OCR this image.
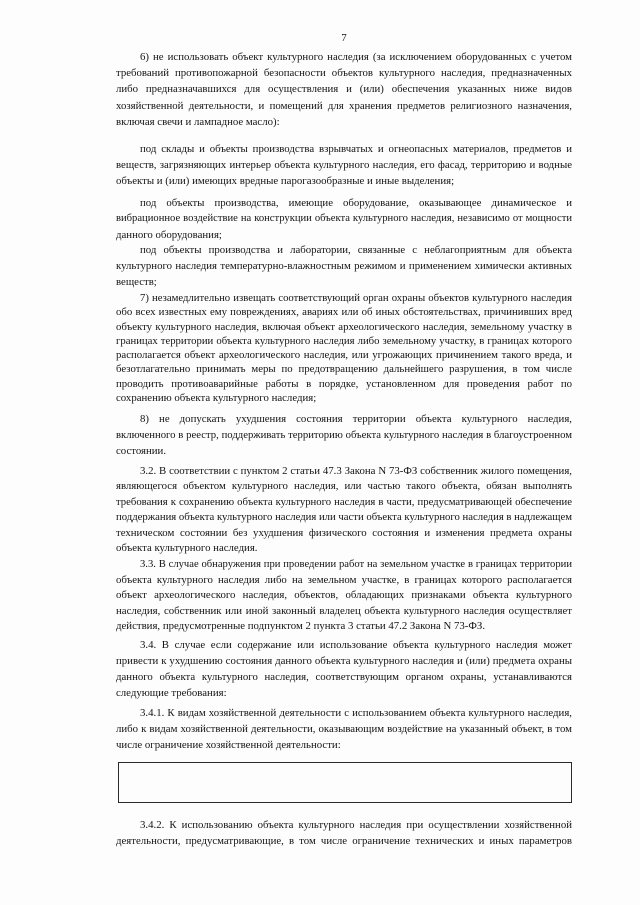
7
6) не использовать объект культурного наследия (за исключением оборудованных с учетом
требований противопожарной безопасности объектов культурного наследия, предназначенных
либо предназначавшихся для осуществления и (или) обеспечения указанных ниже видов
хозяйственной деятельности, и помещений для хранения предметов религиозного назначения,
включая свечи и лампадное масло):
под склады и объекты производства взрывчатых и огнеопасных материалов, предметов и
веществ, загрязняющих интерьер объекта культурного наследия, его фасад, территорию и водные
объекты и (или) имеющих вредные парогазообразные и иные выделения;
под объекты производства, имеющие оборудование, оказывающее динамическое и
вибрационное воздействие на конструкции объекта культурного наследия, независимо от мощности
данного оборудования;
под объекты производства и лаборатории, связанные с неблагоприятным для объекта
культурного наследия температурно-влажностным режимом и применением химически активных
веществ;
7) незамедлительно извещать соответствующий орган охраны объектов культурного наследия
обо всех известных ему повреждениях, авариях или об иных обстоятельствах, причинивших вред
объекту культурного наследия, включая объект археологического наследия, земельному участку в
границах территории объекта культурного наследия либо земельному участку, в границах которого
располагается объект археологического наследия, или угрожающих причинением такого вреда, и
безотлагательно принимать меры по предотвращению дальнейшего разрушения, в том числе
проводить противоаварийные работы в порядке, установленном для проведения работ по
сохранению объекта культурного наследия;
8) не допускать ухудшения состояния территории объекта культурного наследия,
включенного в реестр, поддерживать территорию объекта культурного наследия в благоустроенном
состоянии.
3.2. В соответствии с пунктом 2 статьи 47.3 Закона N 73-ФЗ собственник жилого помещения,
являющегося объектом культурного наследия, или частью такого объекта, обязан выполнять
требования к сохранению объекта культурного наследия в части, предусматривающей обеспечение
поддержания объекта культурного наследия или части объекта культурного наследия в надлежащем
техническом состоянии без ухудшения физического состояния и изменения предмета охраны
объекта культурного наследия.
3.3. В случае обнаружения при проведении работ на земельном участке в границах территории
объекта культурного наследия либо на земельном участке, в границах которого располагается
объект археологического наследия, объектов, обладающих признаками объекта культурного
наследия, собственник или иной законный владелец объекта культурного наследия осуществляет
действия, предусмотренные подпунктом 2 пункта 3 статьи 47.2 Закона N 73-ФЗ.
3.4. В случае если содержание или использование объекта культурного наследия может
привести к ухудшению состояния данного объекта культурного наследия и (или) предмета охраны
данного объекта культурного наследия, соответствующим органом охраны, устанавливаются
следующие требования:
3.4.1. К видам хозяйственной деятельности с использованием объекта культурного наследия,
либо к видам хозяйственной деятельности, оказывающим воздействие на указанный объект, в том
числе ограничение хозяйственной деятельности:
3.4.2. К использованию объекта культурного наследия при осуществлении хозяйственной
деятельности, предусматривающие, в том числе ограничение технических и иных параметров
